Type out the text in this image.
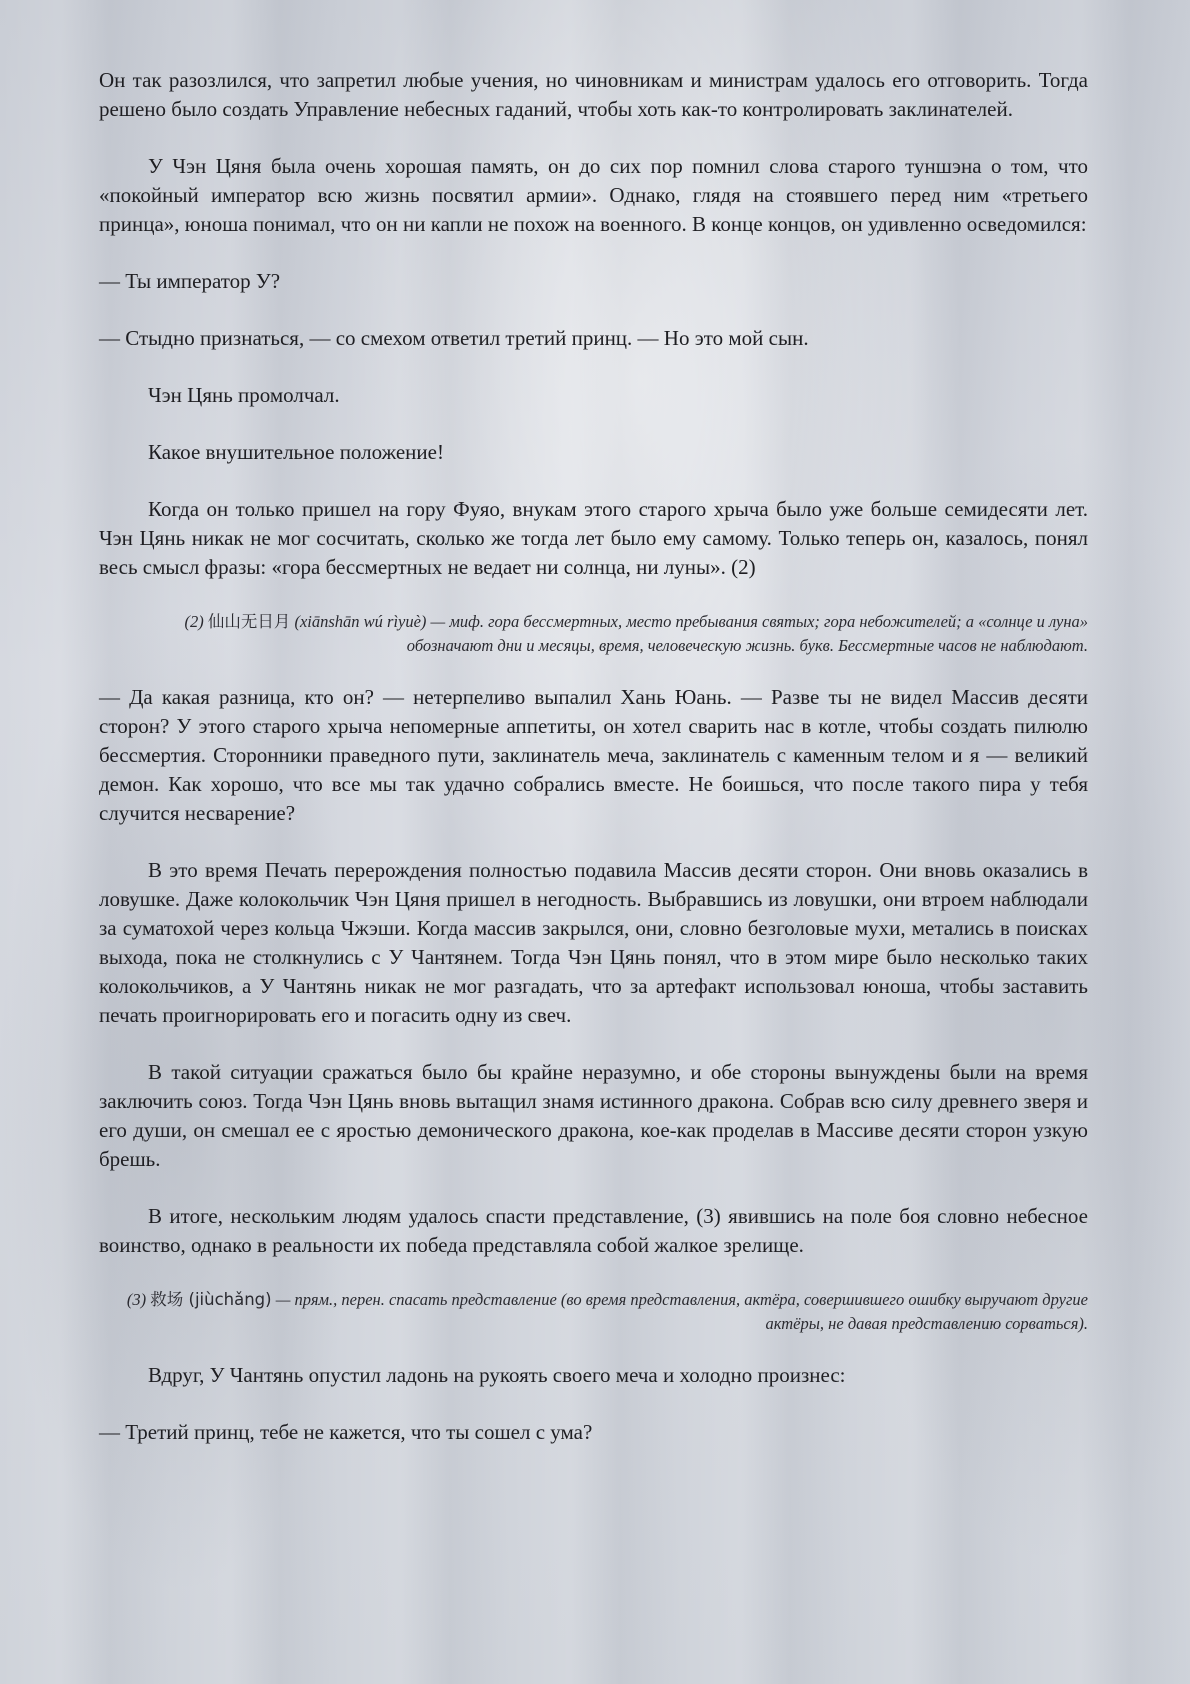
Он так разозлился, что запретил любые учения, но чиновникам и министрам удалось его отговорить. Тогда решено было создать Управление небесных гаданий, чтобы хоть как-то контролировать заклинателей.

У Чэн Цяня была очень хорошая память, он до сих пор помнил слова старого туншэна о том, что «покойный император всю жизнь посвятил армии». Однако, глядя на стоявшего перед ним «третьего принца», юноша понимал, что он ни капли не похож на военного. В конце концов, он удивленно осведомился:

— Ты император У?

— Стыдно признаться, — со смехом ответил третий принц. — Но это мой сын.

Чэн Цянь промолчал.

Какое внушительное положение!

Когда он только пришел на гору Фуяо, внукам этого старого хрыча было уже больше семидесяти лет. Чэн Цянь никак не мог сосчитать, сколько же тогда лет было ему самому. Только теперь он, казалось, понял весь смысл фразы: «гора бессмертных не ведает ни солнца, ни луны». (2)

(2) 仙山无日月 (xiānshān wú rìyuè) — миф. гора бессмертных, место пребывания святых; гора небожителей; а «солнце и луна» обозначают дни и месяцы, время, человеческую жизнь. букв. Бессмертные часов не наблюдают.

— Да какая разница, кто он? — нетерпеливо выпалил Хань Юань. — Разве ты не видел Массив десяти сторон? У этого старого хрыча непомерные аппетиты, он хотел сварить нас в котле, чтобы создать пилюлю бессмертия. Сторонники праведного пути, заклинатель меча, заклинатель с каменным телом и я — великий демон. Как хорошо, что все мы так удачно собрались вместе. Не боишься, что после такого пира у тебя случится несварение?

В это время Печать перерождения полностью подавила Массив десяти сторон. Они вновь оказались в ловушке. Даже колокольчик Чэн Цяня пришел в негодность. Выбравшись из ловушки, они втроем наблюдали за суматохой через кольца Чжэши. Когда массив закрылся, они, словно безголовые мухи, метались в поисках выхода, пока не столкнулись с У Чантянем. Тогда Чэн Цянь понял, что в этом мире было несколько таких колокольчиков, а У Чантянь никак не мог разгадать, что за артефакт использовал юноша, чтобы заставить печать проигнорировать его и погасить одну из свеч.

В такой ситуации сражаться было бы крайне неразумно, и обе стороны вынуждены были на время заключить союз. Тогда Чэн Цянь вновь вытащил знамя истинного дракона. Собрав всю силу древнего зверя и его души, он смешал ее с яростью демонического дракона, кое-как проделав в Массиве десяти сторон узкую брешь.

В итоге, нескольким людям удалось спасти представление, (3) явившись на поле боя словно небесное воинство, однако в реальности их победа представляла собой жалкое зрелище.

(3) 救场 (jiùchǎng) — прям., перен. спасать представление (во время представления, актёра, совершившего ошибку выручают другие актёры, не давая представлению сорваться).

Вдруг, У Чантянь опустил ладонь на рукоять своего меча и холодно произнес:

— Третий принц, тебе не кажется, что ты сошел с ума?
